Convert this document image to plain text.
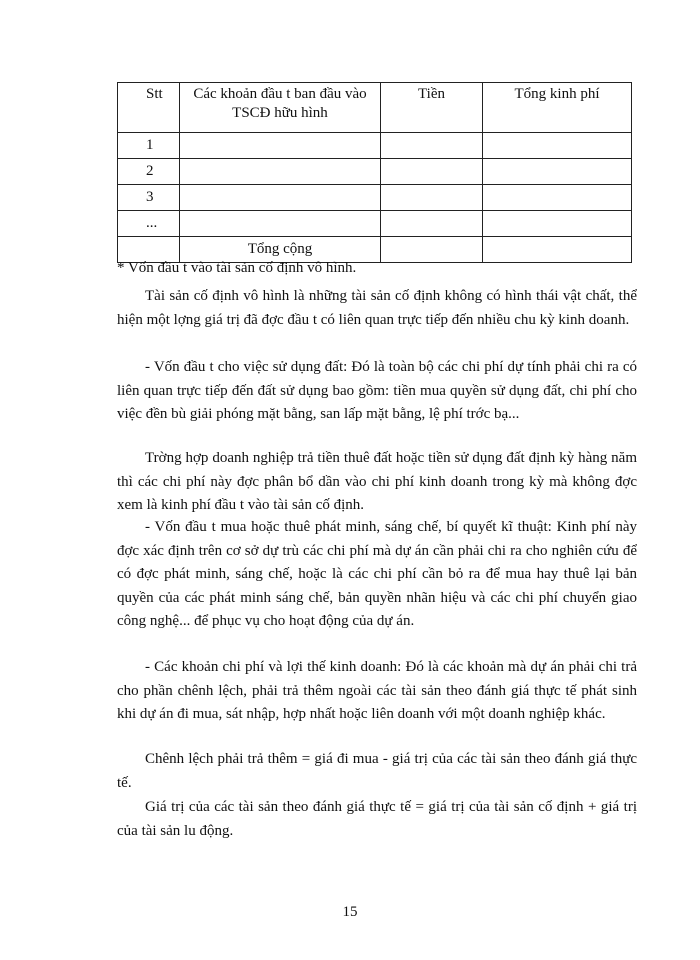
Stt	Các khoản đầu t ban đầu vào TSCĐ hữu hình	Tiền	Tổng kinh phí
1			
2			
3			
...			
	Tổng cộng		
* Vốn đầu t vào tài sản cố định vô hình.
Tài sản cố định vô hình là những tài sản cố định không có hình thái vật chất, thể hiện một lợng giá trị đã đợc đầu t có liên quan trực tiếp đến nhiều chu kỳ kinh doanh.
- Vốn đầu t cho việc sử dụng đất: Đó là toàn bộ các chi phí dự tính phải chi ra có liên quan trực tiếp đến đất sử dụng bao gồm: tiền mua quyền sử dụng đất, chi phí cho việc đền bù giải phóng mặt bằng, san lấp mặt bằng, lệ phí trớc bạ...
Trờng hợp doanh nghiệp trả tiền thuê đất hoặc tiền sử dụng đất định kỳ hàng năm thì các chi phí này đợc phân bổ dần vào chi phí kinh doanh trong kỳ mà không đợc xem là kinh phí đầu t vào tài sản cố định.
- Vốn đầu t mua hoặc thuê phát minh, sáng chế, bí quyết kĩ thuật: Kinh phí này đợc xác định trên cơ sở dự trù các chi phí mà dự án cần phải chi ra cho nghiên cứu để có đợc phát minh, sáng chế, hoặc là các chi phí cần bỏ ra để mua hay thuê lại bản quyền của các phát minh sáng chế, bản quyền nhãn hiệu và các chi phí chuyển giao công nghệ... để phục vụ cho hoạt động của dự án.
- Các khoản chi phí và lợi thế kinh doanh: Đó là các khoản mà dự án phải chi trả cho phần chênh lệch, phải trả thêm ngoài các tài sản theo đánh giá thực tế phát sinh khi dự án đi mua, sát nhập, hợp nhất hoặc liên doanh với một doanh nghiệp khác.
Chênh lệch phải trả thêm = giá đi mua - giá trị của các tài sản theo đánh giá thực tế.
Giá trị của các tài sản theo đánh giá thực tế = giá trị của tài sản cố định + giá trị của tài sản lu động.
15
